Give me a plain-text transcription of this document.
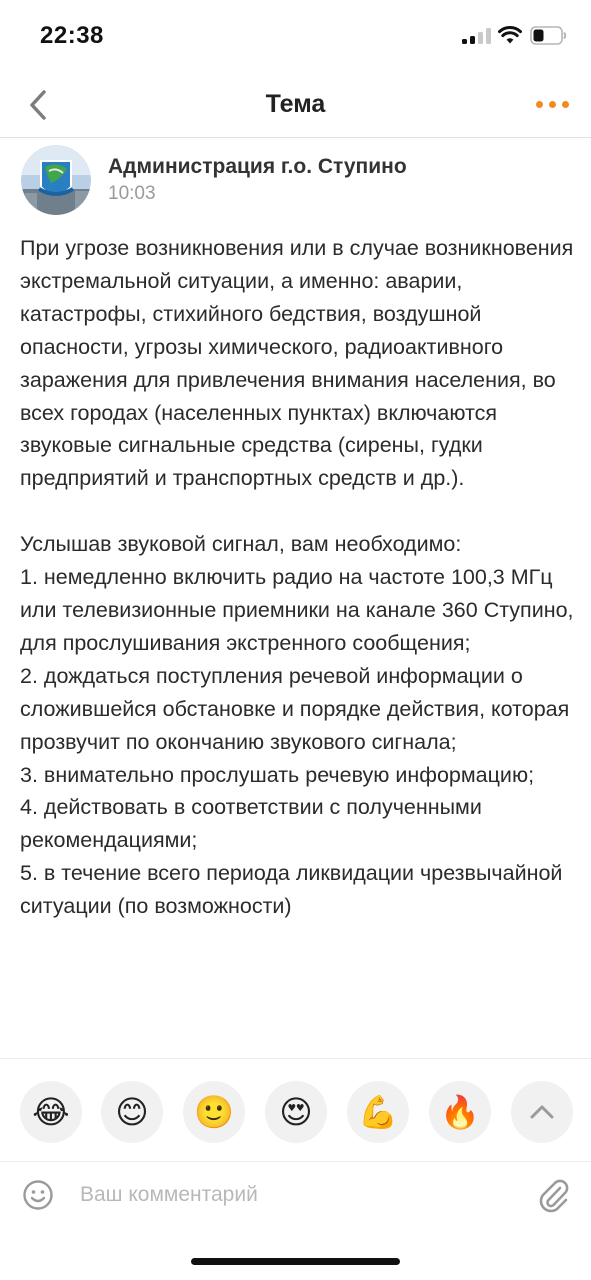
22:38
Тема
Администрация г.о. Ступино
10:03

При угрозе возникновения или в случае возникновения экстремальной ситуации, а именно: аварии, катастрофы, стихийного бедствия, воздушной опасности, угрозы химического, радиоактивного заражения для привлечения внимания населения, во всех городах (населенных пунктах) включаются звуковые сигнальные средства (сирены, гудки предприятий и транспортных средств и др.).

Услышав звуковой сигнал, вам необходимо:
1. немедленно включить радио на частоте 100,3 МГц или телевизионные приемники на канале 360 Ступино, для прослушивания экстренного сообщения;
2. дождаться поступления речевой информации о сложившейся обстановке и порядке действия, которая прозвучит по окончанию звукового сигнала;
3. внимательно прослушать речевую информацию;
4. действовать в соответствии с полученными рекомендациями;
5. в течение всего периода ликвидации чрезвычайной ситуации (по возможности)

😂	😊	🙂	😍	💪	🔥
Ваш комментарий
